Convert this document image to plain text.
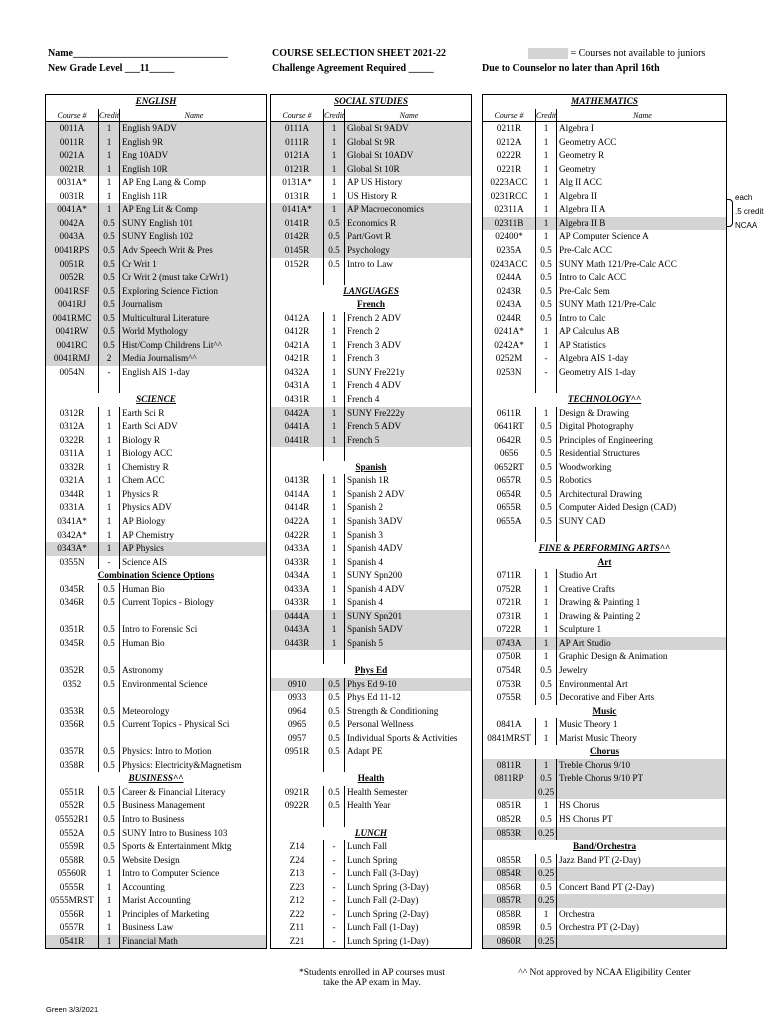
Name_______________________________
New Grade Level ___11_____
COURSE SELECTION SHEET 2021-22
Challenge Agreement Required _____
= Courses not available to juniors
Due to Counselor no later than April 16th
ENGLISH
Course #	Credit	Name
0011A	1	English 9ADV
0011R	1	English 9R
0021A	1	Eng 10ADV
0021R	1	English 10R
0031A*	1	AP Eng Lang & Comp
0031R	1	English 11R
0041A*	1	AP Eng Lit & Comp
0042A	0.5 SUNY English 101
0043A	0.5 SUNY English 102
0041RPS	0.5 Adv Speech Writ & Pres
0051R	0.5 Cr Writ 1
0052R	0.5 Cr Writ 2 (must take CrWr1)
0041RSF	0.5 Exploring Science Fiction
0041RJ	0.5 Journalism
0041RMC	0.5 Multicultural Literature
0041RW	0.5 World Mythology
0041RC	0.5 Hist/Comp Childrens Lit^^
0041RMJ	2	Media Journalism^^
0054N	-	English AIS 1-day
SCIENCE
0312R	1	Earth Sci R
0312A	1	Earth Sci ADV
0322R	1	Biology R
0311A	1	Biology ACC
0332R	1	Chemistry R
0321A	1	Chem ACC
0344R	1	Physics R
0331A	1	Physics ADV
0341A*	1	AP Biology
0342A*	1	AP Chemistry
0343A*	1	AP Physics
0355N	-	Science AIS
Combination Science Options
0345R	0.5 Human Bio
0346R	0.5 Current Topics - Biology
0351R	0.5 Intro to Forensic Sci
0345R	0.5 Human Bio
0352R	0.5 Astronomy
0352	0.5 Environmental Science
0353R	0.5 Meteorology
0356R	0.5 Current Topics - Physical Sci
0357R	0.5 Physics: Intro to Motion
0358R	0.5 Physics: Electricity&Magnetism
BUSINESS^^
0551R	0.5 Career & Financial Literacy
0552R	0.5 Business Management
05552R1	0.5 Intro to Business
0552A	0.5 SUNY Intro to Business 103
0559R	0.5 Sports & Entertainment Mktg
0558R	0.5 Website Design
05560R	1	Intro to Computer Science
0555R	1	Accounting
0555MRST	1	Marist Accounting
0556R	1	Principles of Marketing
0557R	1	Business Law
0541R	1	Financial Math
SOCIAL STUDIES
Course #	Credit	Name
0111A	1	Global St 9ADV
0111R	1	Global St 9R
0121A	1	Global St 10ADV
0121R	1	Global St 10R
0131A*	1	AP US History
0131R	1	US History R
0141A*	1	AP Macroeconomics
0141R	0.5 Economics R
0142R	0.5 Part/Govt R
0145R	0.5 Psychology
0152R	0.5 Intro to Law
LANGUAGES
French
0412A	1	French 2 ADV
0412R	1	French 2
0421A	1	French 3 ADV
0421R	1	French 3
0432A	1	SUNY Fre221y
0431A	1	French 4 ADV
0431R	1	French 4
0442A	1	SUNY Fre222y
0441A	1	French 5 ADV
0441R	1	French 5
Spanish
0413R	1	Spanish 1R
0414A	1	Spanish 2 ADV
0414R	1	Spanish 2
0422A	1	Spanish 3ADV
0422R	1	Spanish 3
0433A	1	Spanish 4ADV
0433R	1	Spanish 4
0434A	1	SUNY Spn200
0433A	1	Spanish 4 ADV
0433R	1	Spanish 4
0444A	1	SUNY Spn201
0443A	1	Spanish 5ADV
0443R	1	Spanish 5
Phys Ed
0910	0.5 Phys Ed 9-10
0933	0.5 Phys Ed 11-12
0964	0.5 Strength & Conditioning
0965	0.5 Personal Wellness
0957	0.5 Individual Sports & Activities
0951R	0.5 Adapt PE
Health
0921R	0.5 Health Semester
0922R	0.5 Health Year
LUNCH
Z14	-	Lunch Fall
Z24	-	Lunch Spring
Z13	-	Lunch Fall (3-Day)
Z23	-	Lunch Spring (3-Day)
Z12	-	Lunch Fall (2-Day)
Z22	-	Lunch Spring (2-Day)
Z11	-	Lunch Fall (1-Day)
Z21	-	Lunch Spring (1-Day)
MATHEMATICS
Course #	Credit	Name
0211R	1	Algebra I
0212A	1	Geometry ACC
0222R	1	Geometry R
0221R	1	Geometry
0223ACC	1	Alg II ACC
0231RCC	1	Algebra II
02311A	1	Algebra II A
02311B	1	Algebra II B
02400*	1	AP Computer Science A
0235A	0.5 Pre-Calc ACC
0243ACC	0.5 SUNY Math 121/Pre-Calc ACC
0244A	0.5 Intro to Calc ACC
0243R	0.5 Pre-Calc Sem
0243A	0.5 SUNY Math 121/Pre-Calc
0244R	0.5 Intro to Calc
0241A*	1	AP Calculus AB
0242A*	1	AP Statistics
0252M	-	Algebra AIS 1-day
0253N	-	Geometry AIS 1-day
TECHNOLOGY^^
0611R	1	Design & Drawing
0641RT	0.5 Digital Photography
0642R	0.5 Principles of Engineering
0656	0.5 Residential Structures
0652RT	0.5 Woodworking
0657R	0.5 Robotics
0654R	0.5 Architectural Drawing
0655R	0.5 Computer Aided Design (CAD)
0655A	0.5 SUNY CAD
FINE & PERFORMING ARTS^^
Art
0711R	1	Studio Art
0752R	1	Creative Crafts
0721R	1	Drawing & Painting 1
0731R	1	Drawing & Painting 2
0722R	1	Sculpture 1
0743A	1	AP Art Studio
0750R	1	Graphic Design & Animation
0754R	0.5 Jewelry
0753R	0.5 Environmental Art
0755R	0.5 Decorative and Fiber Arts
Music
0841A	1	Music Theory 1
0841MRST	1	Marist Music Theory
Chorus
0811R	1	Treble Chorus 9/10
0811RP	0.5 Treble Chorus 9/10 PT
0.25
0851R	1	HS Chorus
0852R	0.5 HS Chorus PT
0853R	0.25
Band/Orchestra
0855R	0.5 Jazz Band PT (2-Day)
0854R	0.25
0856R	0.5 Concert Band PT (2-Day)
0857R	0.25
0858R	1	Orchestra
0859R	0.5 Orchestra PT (2-Day)
0860R	0.25
each
.5 credit
NCAA
*Students enrolled in AP courses must
take the AP exam in May.
^^ Not approved by NCAA Eligibility Center
Green 3/3/2021
